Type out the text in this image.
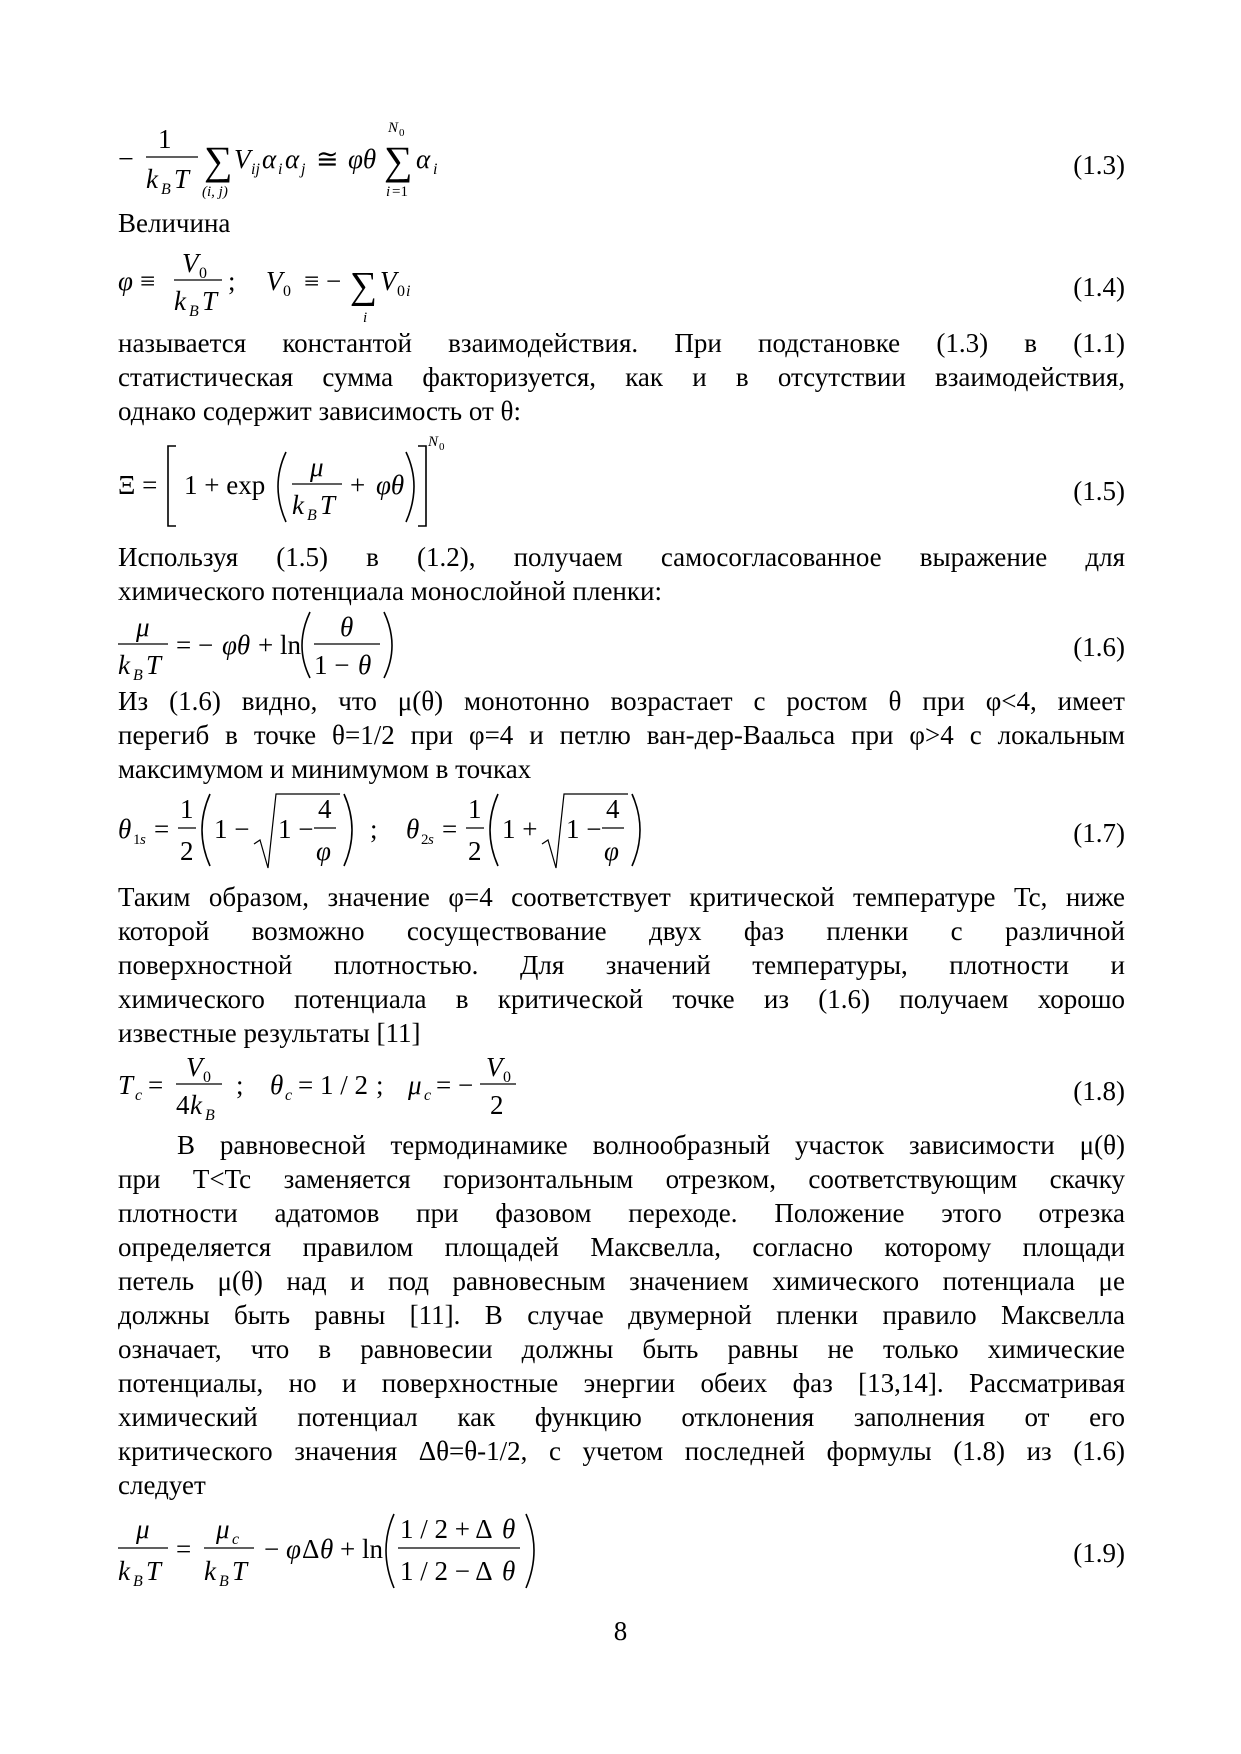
−
1
k B T ∑
(i, j)
V ij α i α j ≅ φθ ∑
N 0
i =1
α i	(1.3)
Величина
φ ≡
V 0
k B T
; V 0 ≡ − ∑
i
V 0 i	(1.4)
называется константой взаимодействия. При подстановке (1.3) в (1.1)
статистическая сумма факторизуется, как и в отсутствии взаимодействия,
однако содержит зависимость от θ:
Ξ = 1 + exp
μ
k B T
+ φθ
N 0
(1.5)
Используя (1.5) в (1.2), получаем самосогласованное выражение для
химического потенциала монослойной пленки:
μ
k B T
= − φθ + ln
θ
1 − θ
(1.6)
Из (1.6) видно, что μ(θ) монотонно возрастает с ростом θ при φ<4, имеет
перегиб в точке θ=1/2 при φ=4 и петлю ван-дер-Ваальса при φ>4 с локальным
максимумом и минимумом в точках
θ 1 s =
1
2
1 − 1 −
4
φ
; θ 2 s =
1
2
1 + 1 −
4
φ
(1.7)
Таким образом, значение φ=4 соответствует критической температуре Tc, ниже
которой возможно сосуществование двух фаз пленки с различной
поверхностной плотностью. Для значений температуры, плотности и
химического потенциала в критической точке из (1.6) получаем хорошо
известные результаты [11]
T c =
V 0
4 k B
; θ c = 1 / 2 ; μ c = −
V 0
2	(1.8)
В равновесной термодинамике волнообразный участок зависимости μ(θ)
при T<Tc заменяется горизонтальным отрезком, соответствующим скачку
плотности адатомов при фазовом переходе. Положение этого отрезка
определяется правилом площадей Максвелла, согласно которому площади
петель μ(θ) над и под равновесным значением химического потенциала μe
должны быть равны [11]. В случае двумерной пленки правило Максвелла
означает, что в равновесии должны быть равны не только химические
потенциалы, но и поверхностные энергии обеих фаз [13,14]. Рассматривая
химический потенциал как функцию отклонения заполнения от его
критического значения Δθ=θ-1/2, с учетом последней формулы (1.8) из (1.6)
следует
μ
k B T
=
μ c
k B T
− φ Δ θ + ln
1 / 2 + Δ θ
1 / 2 − Δ θ
(1.9)
8
